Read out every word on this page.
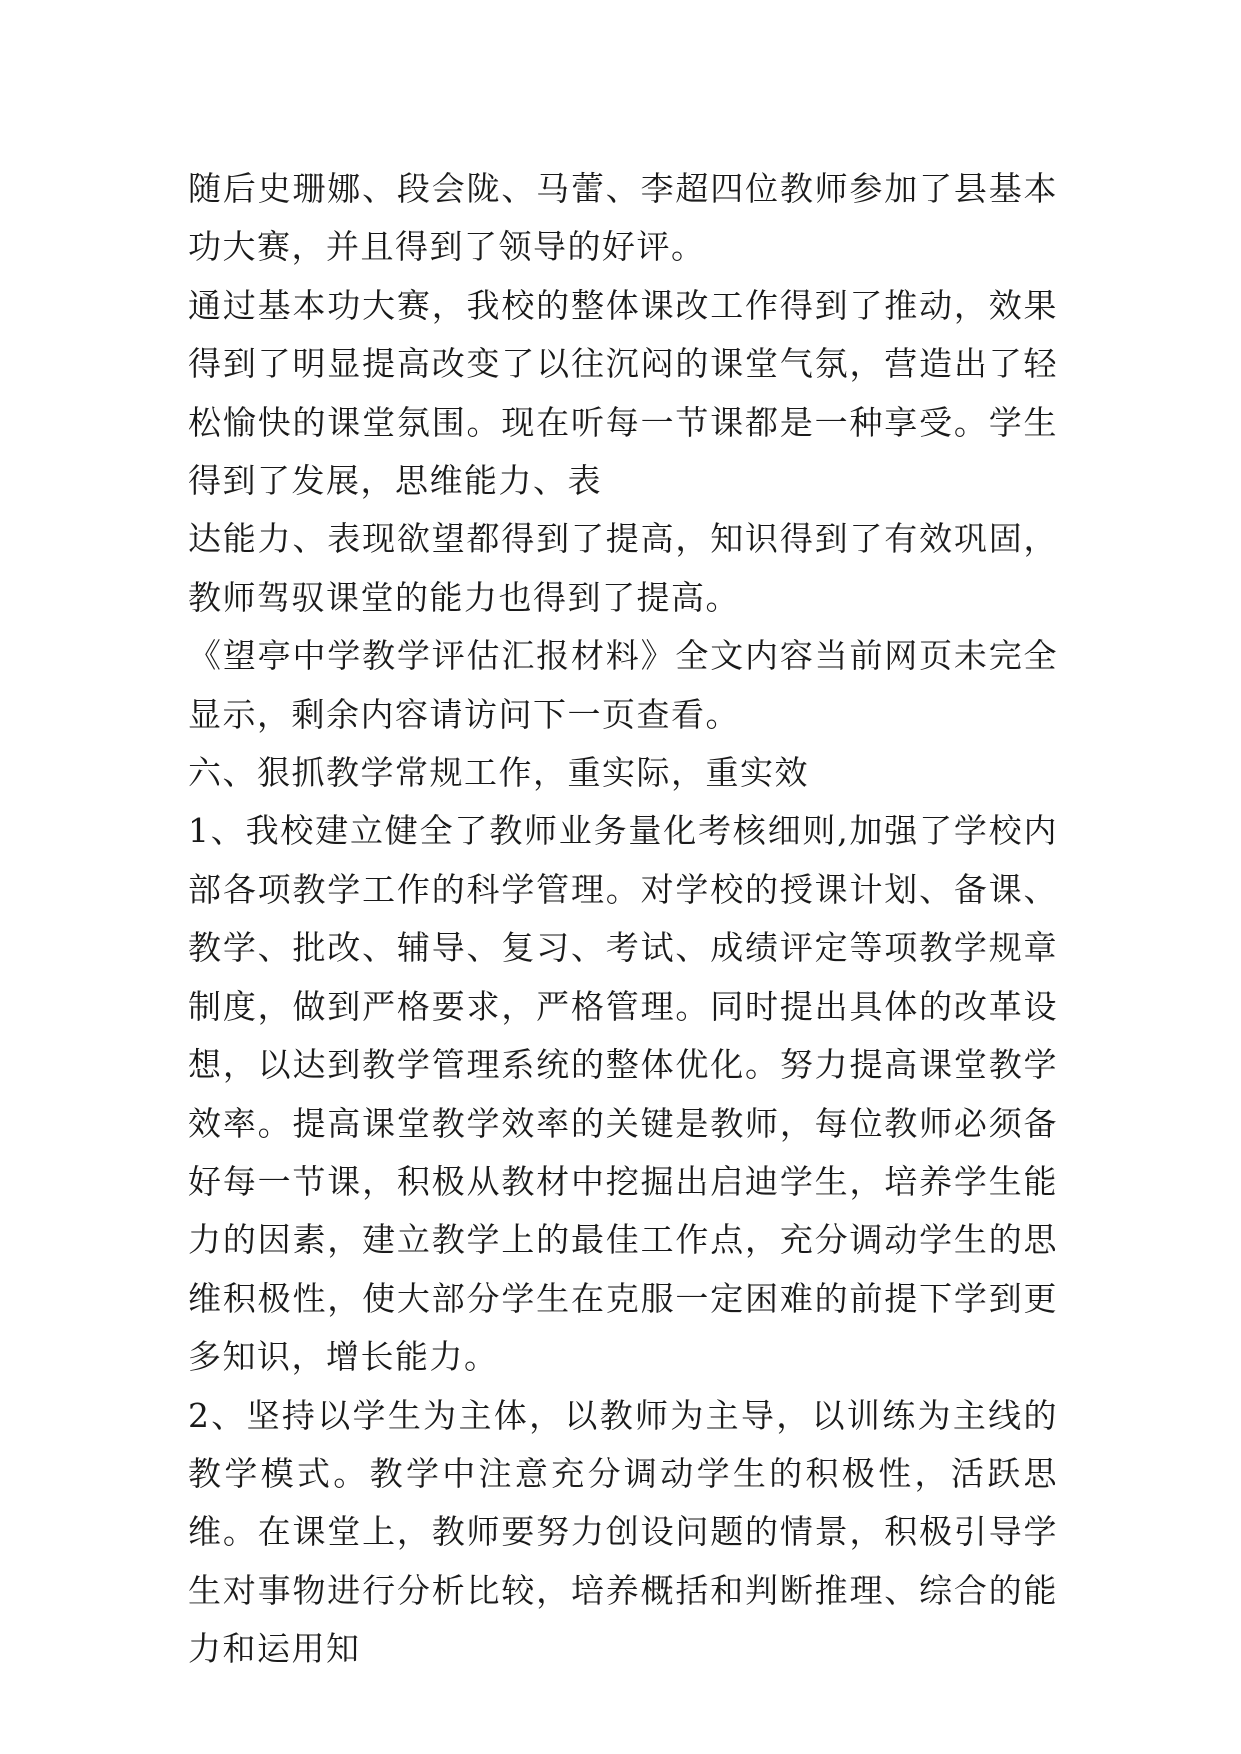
随后史珊娜、段会陇、马蕾、李超四位教师参加了县基本功大赛，并且得到了领导的好评。

通过基本功大赛，我校的整体课改工作得到了推动，效果得到了明显提高改变了以往沉闷的课堂气氛，营造出了轻松愉快的课堂氛围。现在听每一节课都是一种享受。学生得到了发展，思维能力、表

达能力、表现欲望都得到了提高，知识得到了有效巩固，教师驾驭课堂的能力也得到了提高。

《望亭中学教学评估汇报材料》全文内容当前网页未完全显示，剩余内容请访问下一页查看。

六、狠抓教学常规工作，重实际，重实效

1、我校建立健全了教师业务量化考核细则,加强了学校内部各项教学工作的科学管理。对学校的授课计划、备课、教学、批改、辅导、复习、考试、成绩评定等项教学规章制度，做到严格要求，严格管理。同时提出具体的改革设想，以达到教学管理系统的整体优化。努力提高课堂教学效率。提高课堂教学效率的关键是教师，每位教师必须备好每一节课，积极从教材中挖掘出启迪学生，培养学生能力的因素，建立教学上的最佳工作点，充分调动学生的思维积极性，使大部分学生在克服一定困难的前提下学到更多知识，增长能力。

2、坚持以学生为主体，以教师为主导，以训练为主线的教学模式。教学中注意充分调动学生的积极性，活跃思维。在课堂上，教师要努力创设问题的情景，积极引导学生对事物进行分析比较，培养概括和判断推理、综合的能力和运用知
